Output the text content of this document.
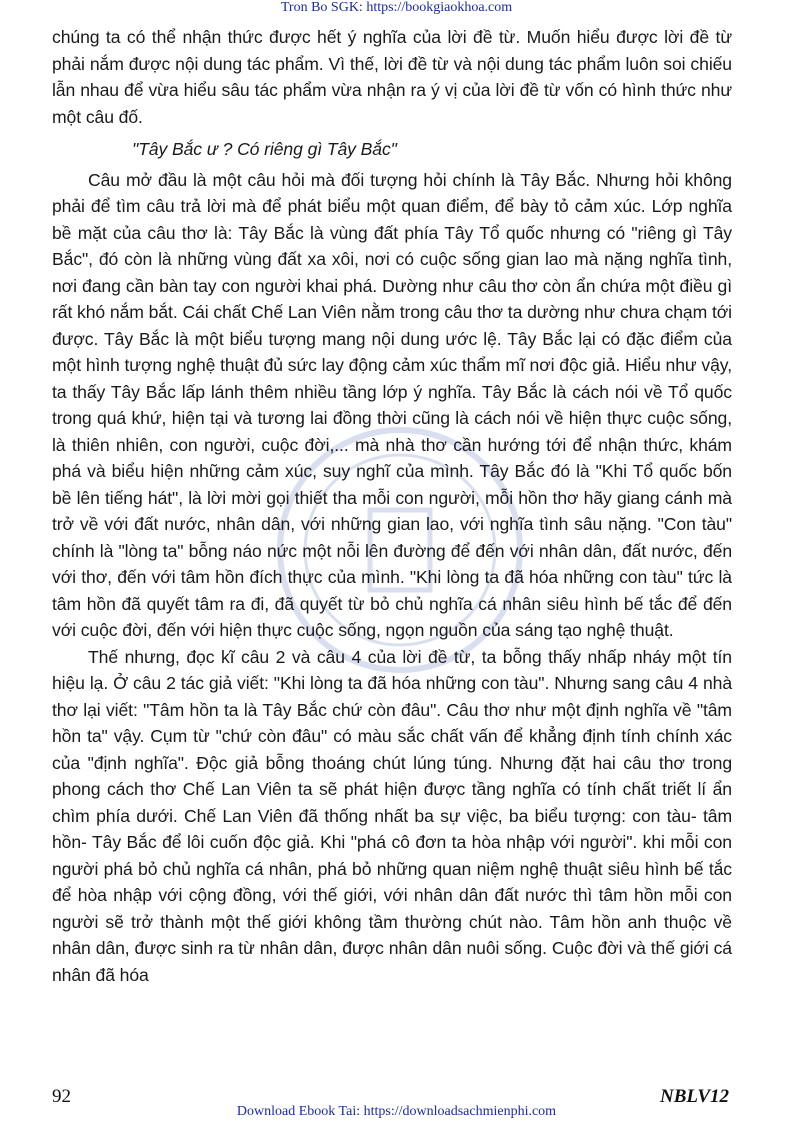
Tron Bo SGK: https://bookgiaokhoa.com

chúng ta có thể nhận thức được hết ý nghĩa của lời đề từ. Muốn hiểu được lời đề từ phải nắm được nội dung tác phẩm. Vì thế, lời đề từ và nội dung tác phẩm luôn soi chiếu lẫn nhau để vừa hiểu sâu tác phẩm vừa nhận ra ý vị của lời đề từ vốn có hình thức như một câu đố.

"Tây Bắc ư ? Có riêng gì Tây Bắc"

Câu mở đầu là một câu hỏi mà đối tượng hỏi chính là Tây Bắc. Nhưng hỏi không phải để tìm câu trả lời mà để phát biểu một quan điểm, để bày tỏ cảm xúc. Lớp nghĩa bề mặt của câu thơ là: Tây Bắc là vùng đất phía Tây Tổ quốc nhưng có "riêng gì Tây Bắc", đó còn là những vùng đất xa xôi, nơi có cuộc sống gian lao mà nặng nghĩa tình, nơi đang cần bàn tay con người khai phá. Dường như câu thơ còn ẩn chứa một điều gì rất khó nắm bắt. Cái chất Chế Lan Viên nằm trong câu thơ ta dường như chưa chạm tới được. Tây Bắc là một biểu tượng mang nội dung ước lệ. Tây Bắc lại có đặc điểm của một hình tượng nghệ thuật đủ sức lay động cảm xúc thẩm mĩ nơi độc giả. Hiểu như vậy, ta thấy Tây Bắc lấp lánh thêm nhiều tầng lớp ý nghĩa. Tây Bắc là cách nói về Tổ quốc trong quá khứ, hiện tại và tương lai đồng thời cũng là cách nói về hiện thực cuộc sống, là thiên nhiên, con người, cuộc đời,... mà nhà thơ cần hướng tới để nhận thức, khám phá và biểu hiện những cảm xúc, suy nghĩ của mình. Tây Bắc đó là "Khi Tổ quốc bốn bề lên tiếng hát", là lời mời gọi thiết tha mỗi con người, mỗi hồn thơ hãy giang cánh mà trở về với đất nước, nhân dân, với những gian lao, với nghĩa tình sâu nặng. "Con tàu" chính là "lòng ta" bỗng náo nức một nỗi lên đường để đến với nhân dân, đất nước, đến với thơ, đến với tâm hồn đích thực của mình. "Khi lòng ta đã hóa những con tàu" tức là tâm hồn đã quyết tâm ra đi, đã quyết từ bỏ chủ nghĩa cá nhân siêu hình bế tắc để đến với cuộc đời, đến với hiện thực cuộc sống, ngọn nguồn của sáng tạo nghệ thuật.

Thế nhưng, đọc kĩ câu 2 và câu 4 của lời đề từ, ta bỗng thấy nhấp nháy một tín hiệu lạ. Ở câu 2 tác giả viết: "Khi lòng ta đã hóa những con tàu". Nhưng sang câu 4 nhà thơ lại viết: "Tâm hồn ta là Tây Bắc chứ còn đâu". Câu thơ như một định nghĩa về "tâm hồn ta" vậy. Cụm từ "chứ còn đâu" có màu sắc chất vấn để khẳng định tính chính xác của "định nghĩa". Độc giả bỗng thoáng chút lúng túng. Nhưng đặt hai câu thơ trong phong cách thơ Chế Lan Viên ta sẽ phát hiện được tầng nghĩa có tính chất triết lí ẩn chìm phía dưới. Chế Lan Viên đã thống nhất ba sự việc, ba biểu tượng: con tàu- tâm hồn- Tây Bắc để lôi cuốn độc giả. Khi "phá cô đơn ta hòa nhập với người". khi mỗi con người phá bỏ chủ nghĩa cá nhân, phá bỏ những quan niệm nghệ thuật siêu hình bế tắc để hòa nhập với cộng đồng, với thế giới, với nhân dân đất nước thì tâm hồn mỗi con người sẽ trở thành một thế giới không tầm thường chút nào. Tâm hồn anh thuộc về nhân dân, được sinh ra từ nhân dân, được nhân dân nuôi sống. Cuộc đời và thế giới cá nhân đã hóa

92	NBLV12
Download Ebook Tai: https://downloadsachmienphi.com
